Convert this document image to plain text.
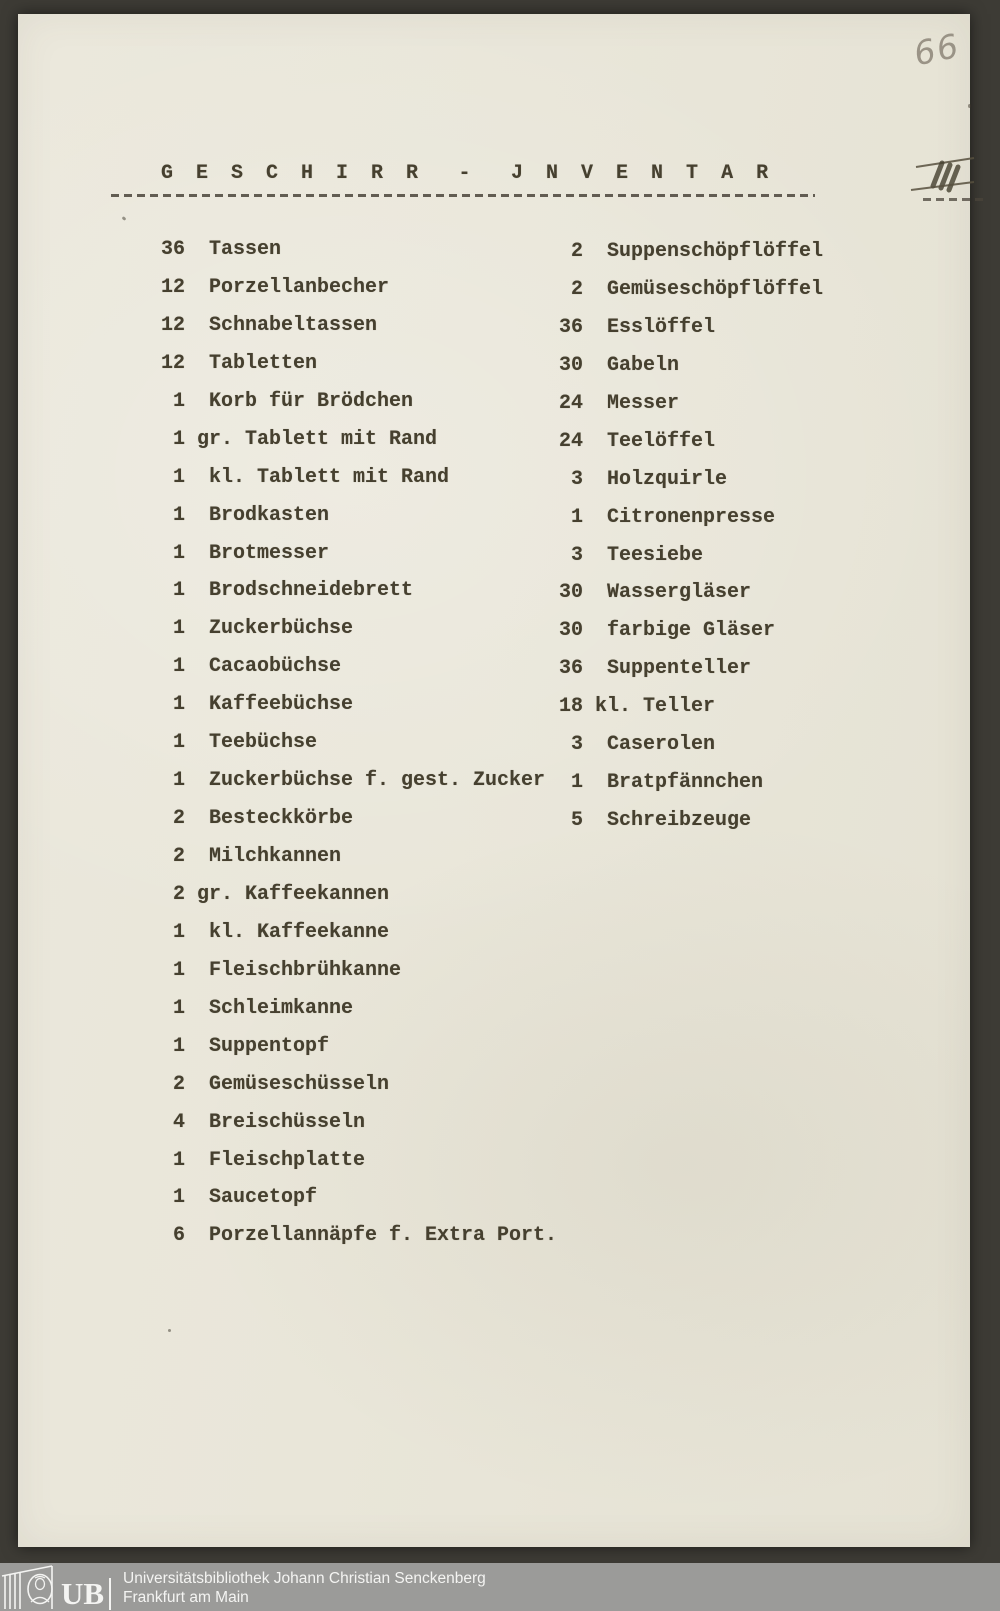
66
G E S C H I R R  -  J N V E N T A R
36 Tassen
12 Porzellanbecher
12 Schnabeltassen
12 Tabletten
1 Korb für Brödchen
1 gr. Tablett mit Rand
1 kl. Tablett mit Rand
1 Brodkasten
1 Brotmesser
1 Brodschneidebrett
1 Zuckerbüchse
1 Cacaobüchse
1 Kaffeebüchse
1 Teebüchse
1 Zuckerbüchse f. gest. Zucker
2 Besteckkörbe
2 Milchkannen
2 gr. Kaffeekannen
1 kl. Kaffeekanne
1 Fleischbrühkanne
1 Schleimkanne
1 Suppentopf
2 Gemüseschüsseln
4 Breischüsseln
1 Fleischplatte
1 Saucetopf
6 Porzellannäpfe f. Extra Port.
2 Suppenschöpflöffel
2 Gemüseschöpflöffel
36 Esslöffel
30 Gabeln
24 Messer
24 Teelöffel
3 Holzquirle
1 Citronenpresse
3 Teesiebe
30 Wassergläser
30 farbige Gläser
36 Suppenteller
18 kl. Teller
3 Caserolen
1 Bratpfännchen
5 Schreibzeuge
UB Universitätsbibliothek Johann Christian Senckenberg
Frankfurt am Main
